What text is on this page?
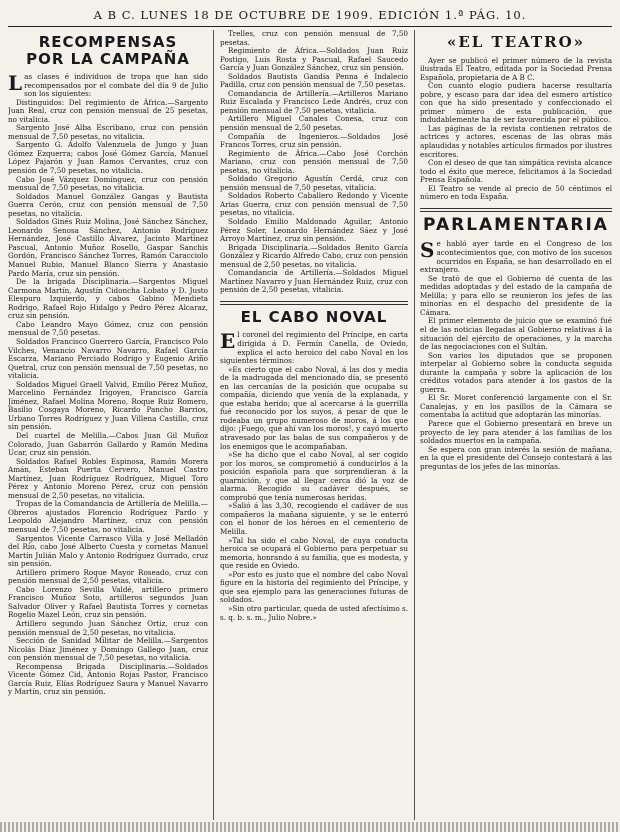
A B C. LUNES 18 DE OCTUBRE DE 1909. EDICIÓN 1.ª PÁG. 10.
RECOMPENSAS
POR LA CAMPAÑA

Las clases é individuos de tropa que han sido recompensados por el combate del día 9 de Julio son los siguientes:

Distinguidos: Del regimiento de África.—Sargento Juan Real, cruz con pensión mensual de 25 pesetas, no vitalicia.

Sargento José Alba Escribano, cruz con pensión mensual de 7,50 pesetas, no vitalicia.

Sargento G. Adolfo Valenzuela de Jungo y Juan Gómez Ezquerra; cabos José Gómez García, Manuel López Pajarón y Juan Ramos Cervantes, cruz con pensión de 7,50 pesetas, no vitalicia.

Cabo José Vázquez Domínguez, cruz con pensión mensual de 7,50 pesetas, no vitalicia.

Soldados Manuel González Gangas y Bautista Guerra Cerón, cruz con pensión mensual de 7,50 pesetas, no vitalicia.

Soldados Ginés Ruiz Molina, José Sánchez Sánchez, Leonardo Senosa Sánchez, Antonio Rodríguez Hernández, José Castillo Álvarez, Jacinto Martínez Pascual, Antonio Muñoz Rosello, Gaspar Sanchis Gordón, Francisco Sánchez Torres, Ramón Caracciolo Manuel Rubio, Manuel Blanco Sierra y Anastasio Pardo María, cruz sin pensión.

De la brigada Disciplinaria.—Sargentos Miguel Carmona Martín, Agustín Cidoncha Lobato y D. Justo Elespuru Izquierdo, y cabos Gabino Mendieta Rodrigo, Rafael Rojo Hidalgo y Pedro Pérez Alcaraz, cruz sin pensión.

Cabo Leandro Mayo Gómez, cruz con pensión mensual de 7,50 pesetas.

Soldados Francisco Guerrero García, Francisco Polo Vilches, Venancio Navarro Navarro, Rafael García Escarza, Mariano Perciado Rodrigo y Eugenio Ariño Quetral, cruz con pensión mensual de 7,50 pesetas, no vitalicia.

Soldados Miguel Graell Valvid, Emilio Pérez Muñoz, Marcelino Fernández Irigoyen, Francisco García Jiménez, Rafael Molina Moreno, Roque Ruiz Romero, Basilio Cosgaya Moreno, Ricardo Pancho Barrios, Urbano Torres Rodríguez y Juan Villena Castillo, cruz sin pensión.

Del cuartel de Melilla.—Cabos Juan Gil Muñoz Colorado, Juan Gabarrón Gallardo y Ramón Medina Ucar, cruz sin pensión.

Soldados Rafael Robles Espinosa, Ramón Morera Amán, Esteban Puerta Cervero, Manuel Castro Martínez, Juan Rodríguez Rodríguez, Miguel Toro Pérez y Antonio Moreno Pérez, cruz con pensión mensual de 2,50 pesetas, no vitalicia.

Tropas de la Comandancia de Artillería de Melilla.—Obreros ajustados Florencio Rodríguez Pardo y Leopoldo Alejandro Martínez, cruz con pensión mensual de 7,50 pesetas, no vitalicia.

Sargentos Vicente Carrasco Villa y José Melladón del Río, cabo José Alberto Cuesta y cornetas Manuel Martín Julián Malo y Antonio Rodríguez Gurrado, cruz sin pensión.

Artillero primero Roque Mayor Roseado, cruz con pensión mensual de 2,50 pesetas, vitalicia.

Cabo Lorenzo Sevilla Valdé, artillero primero Francisco Muñoz Soto, artilleros segundos Juan Salvador Oliver y Rafael Bautista Torres y cornetas Rogelio Mazel León, cruz sin pensión.

Artillero segundo Juan Sánchez Ortiz, cruz con pensión mensual de 2,50 pesetas, no vitalicia.

Sección de Sanidad Militar de Melilla.—Sargentos Nicolás Díaz Jiménez y Domingo Gallego Juan, cruz con pensión mensual de 7,50 pesetas, no vitalicia.

Recompensa Brigada Disciplinaria.—Soldados Vicente Gómez Cid, Antonio Rojas Pastor, Francisco García Ruiz, Elías Rodríguez Saura y Manuel Navarro y Martín, cruz sin pensión.

Trelles, cruz con pensión mensual de 7,50 pesetas.

Regimiento de África.—Soldados Juan Ruiz Postigo, Luis Rosta y Pascual, Rafael Saucedo García y Juan González Sánchez, cruz sin pensión.

Soldados Bautista Gandía Penna é Indalecio Padilla, cruz con pensión mensual de 7,50 pesetas.

Comandancia de Artillería.—Artilleros Mariano Ruiz Escalada y Francisco Lede Andrés, cruz con pensión mensual de 7,50 pesetas, vitalicia.

Artillero Miguel Canales Conesa, cruz con pensión mensual de 2,50 pesetas.

Compañía de Ingenieros.—Soldados José Francos Torres, cruz sin pensión.

Regimiento de África.—Cabo José Corchón Mariano, cruz con pensión mensual de 7,50 pesetas, no vitalicia.

Soldado Gregorio Agustín Cerdá, cruz con pensión mensual de 7,50 pesetas, vitalicia.

Soldados Roberto Caballero Redondo y Vicente Arias Guerra, cruz con pensión mensual de 7,50 pesetas, no vitalicia.

Soldado Emilio Maldonado Aguilar, Antonio Pérez Soler, Leonardo Hernández Sáez y José Arroyo Martínez, cruz sin pensión.

Brigada Disciplinaria.—Soldados Benito García González y Ricardo Alfredo Cabo, cruz con pensión mensual de 2,50 pesetas, no vitalicia.

Comandancia de Artillería.—Soldados Miguel Martínez Navarro y Juan Hernández Ruiz, cruz con pensión de 2,50 pesetas, vitalicia.

EL CABO NOVAL

El coronel del regimiento del Príncipe, en carta dirigida á D. Fermín Canella, de Oviedo, explica el acto heroico del cabo Noval en los siguientes términos:

«Es cierto que el cabo Noval, á las dos y media de la madrugada del mencionado día, se presentó en las cercanías de la posición que ocupaba su compañía, diciendo que venía de la explanada, y que estaba herido; que al acercarse á la guerrilla fué reconocido por los suyos, á pesar de que le rodeaba un grupo numeroso de moros, á los que dijo: ¡Fuego, que ahí van los moros!, y cayó muerto atravesado por las balas de sus compañeros y de los enemigos que le acompañaban.

»Se ha dicho que el cabo Noval, al ser cogido por los moros, se comprometió á conducirlos á la posición española para que sorprendieran á la guarnición, y que al llegar cerca dió la voz de alarma. Recogido su cadáver después, se comprobó que tenía numerosas heridas.

»Salió á las 3,30, recogiendo el cadáver de sus compañeros la mañana siguiente, y se le enterró con el honor de los héroes en el cementerio de Melilla.

»Tal ha sido el cabo Noval, de cuya conducta heroica se ocupará el Gobierno para perpetuar su memoria, honrando á su familia, que es modesta, y que reside en Oviedo.

»Por esto es justo que el nombre del cabo Noval figure en la historia del regimiento del Príncipe, y que sea ejemplo para las generaciones futuras de soldados.

»Sin otro particular, queda de usted afectísimo s. s. q. b. s. m., Julio Nobre.»

«EL TEATRO»

Ayer se publicó el primer número de la revista ilustrada El Teatro, editada por la Sociedad Prensa Española, propietaria de A B C.

Con cuanto elogio pudiera hacerse resultaría pobre, y escaso para dar idea del esmero artístico con que ha sido presentado y confeccionado el primer número de esta publicación, que indudablemente ha de ser favorecida por el público.

Las páginas de la revista contienen retratos de actrices y actores, escenas de las obras más aplaudidas y notables artículos firmados por ilustres escritores.

Con el deseo de que tan simpática revista alcance todo el éxito que merece, felicitamos á la Sociedad Prensa Española.

El Teatro se vende al precio de 50 céntimos el número en toda España.

PARLAMENTARIA

Se habló ayer tarde en el Congreso de los acontecimientos que, con motivo de los sucesos ocurridos en España, se han desarrollado en el extranjero.

Se trató de que el Gobierno dé cuenta de las medidas adoptadas y del estado de la campaña de Melilla; y para ello se reunieron los jefes de las minorías en el despacho del presidente de la Cámara.

El primer elemento de juicio que se examinó fué el de las noticias llegadas al Gobierno relativas á la situación del ejército de operaciones, y la marcha de las negociaciones con el Sultán.

Son varios los diputados que se proponen interpelar al Gobierno sobre la conducta seguida durante la campaña y sobre la aplicación de los créditos votados para atender á los gastos de la guerra.

El Sr. Moret conferenció largamente con el Sr. Canalejas, y en los pasillos de la Cámara se comentaba la actitud que adoptarán las minorías.

Parece que el Gobierno presentará en breve un proyecto de ley para atender á las familias de los soldados muertos en la campaña.

Se espera con gran interés la sesión de mañana, en la que el presidente del Consejo contestará á las preguntas de los jefes de las minorías.
